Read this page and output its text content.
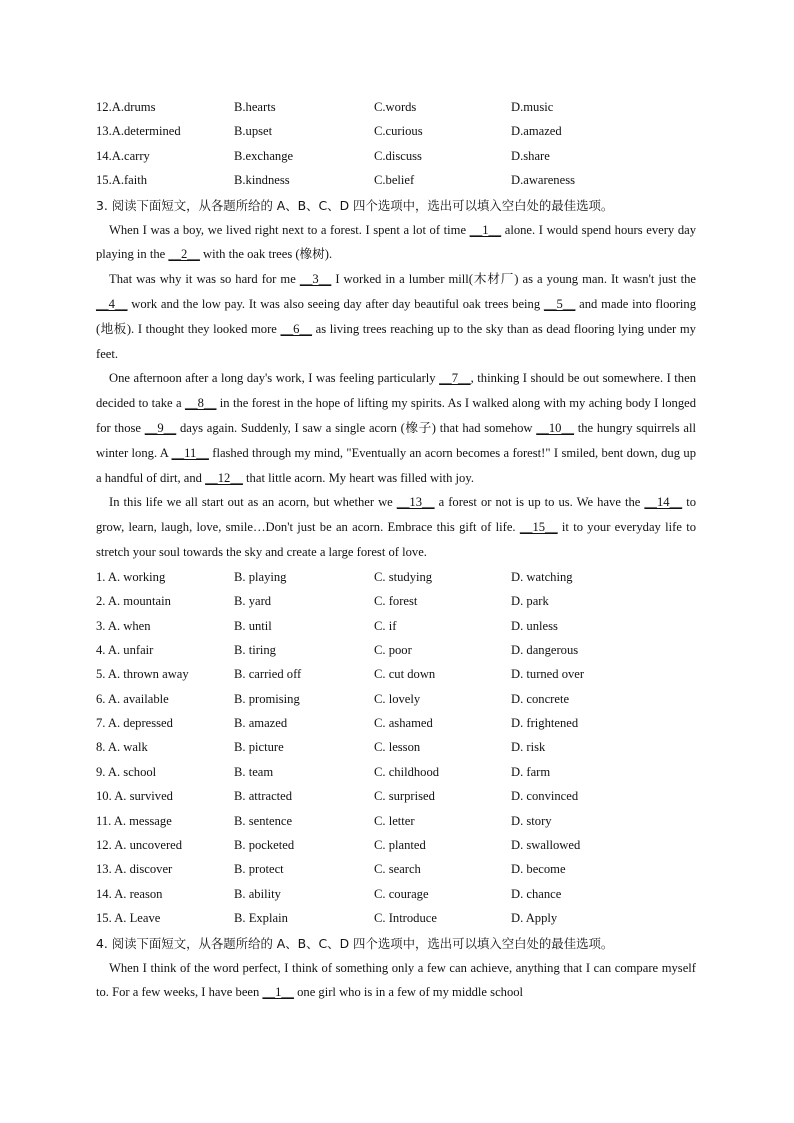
12.A.drums	B.hearts	C.words	D.music
13.A.determined	B.upset	C.curious	D.amazed
14.A.carry	B.exchange	C.discuss	D.share
15.A.faith	B.kindness	C.belief	D.awareness
3. 阅读下面短文，从各题所给的 A、B、C、D 四个选项中，选出可以填入空白处的最佳选项。

When I was a boy, we lived right next to a forest. I spent a lot of time __1__ alone. I would spend hours every day playing in the __2__ with the oak trees (橡树).

That was why it was so hard for me __3__ I worked in a lumber mill(木材厂) as a young man. It wasn't just the __4__ work and the low pay. It was also seeing day after day beautiful oak trees being __5__ and made into flooring (地板). I thought they looked more __6__ as living trees reaching up to the sky than as dead flooring lying under my feet.

One afternoon after a long day's work, I was feeling particularly __7__, thinking I should be out somewhere. I then decided to take a __8__ in the forest in the hope of lifting my spirits. As I walked along with my aching body I longed for those __9__ days again. Suddenly, I saw a single acorn (橡子) that had somehow __10__ the hungry squirrels all winter long. A __11__ flashed through my mind, "Eventually an acorn becomes a forest!" I smiled, bent down, dug up a handful of dirt, and __12__ that little acorn. My heart was filled with joy.

In this life we all start out as an acorn, but whether we __13__ a forest or not is up to us. We have the __14__ to grow, learn, laugh, love, smile…Don't just be an acorn. Embrace this gift of life. __15__ it to your everyday life to stretch your soul towards the sky and create a large forest of love.

1. A. working	B. playing	C. studying	D. watching
2. A. mountain	B. yard	C. forest	D. park
3. A. when	B. until	C. if	D. unless
4. A. unfair	B. tiring	C. poor	D. dangerous
5. A. thrown away	B. carried off	C. cut down	D. turned over
6. A. available	B. promising	C. lovely	D. concrete
7. A. depressed	B. amazed	C. ashamed	D. frightened
8. A. walk	B. picture	C. lesson	D. risk
9. A. school	B. team	C. childhood	D. farm
10. A. survived	B. attracted	C. surprised	D. convinced
11. A. message	B. sentence	C. letter	D. story
12. A. uncovered	B. pocketed	C. planted	D. swallowed
13. A. discover	B. protect	C. search	D. become
14. A. reason	B. ability	C. courage	D. chance
15. A. Leave	B. Explain	C. Introduce	D. Apply
4. 阅读下面短文，从各题所给的 A、B、C、D 四个选项中，选出可以填入空白处的最佳选项。

When I think of the word perfect, I think of something only a few can achieve, anything that I can compare myself to. For a few weeks, I have been __1__ one girl who is in a few of my middle school
